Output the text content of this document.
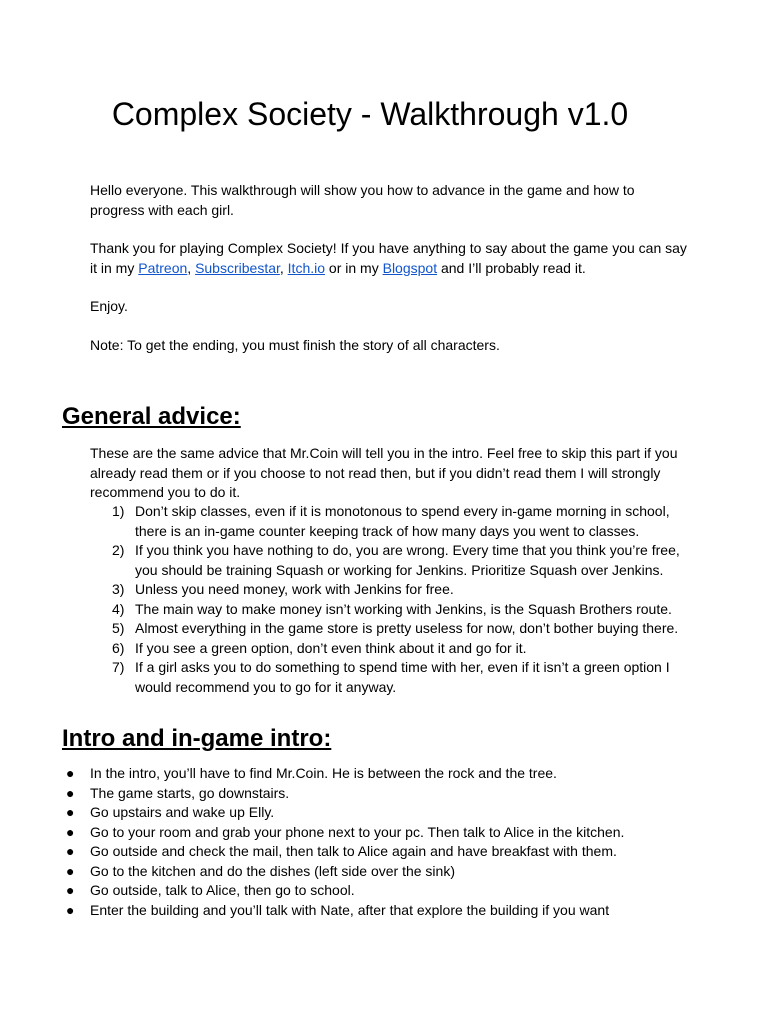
Complex Society - Walkthrough v1.0

Hello everyone. This walkthrough will show you how to advance in the game and how to progress with each girl.

Thank you for playing Complex Society! If you have anything to say about the game you can say it in my Patreon, Subscribestar, Itch.io or in my Blogspot and I’ll probably read it.

Enjoy.

Note: To get the ending, you must finish the story of all characters.

General advice:

These are the same advice that Mr.Coin will tell you in the intro. Feel free to skip this part if you already read them or if you choose to not read then, but if you didn’t read them I will strongly recommend you to do it.

1) Don’t skip classes, even if it is monotonous to spend every in-game morning in school, there is an in-game counter keeping track of how many days you went to classes.
2) If you think you have nothing to do, you are wrong. Every time that you think you’re free, you should be training Squash or working for Jenkins. Prioritize Squash over Jenkins.
3) Unless you need money, work with Jenkins for free.
4) The main way to make money isn’t working with Jenkins, is the Squash Brothers route.
5) Almost everything in the game store is pretty useless for now, don’t bother buying there.
6) If you see a green option, don’t even think about it and go for it.
7) If a girl asks you to do something to spend time with her, even if it isn’t a green option I would recommend you to go for it anyway.
Intro and in-game intro:
● In the intro, you’ll have to find Mr.Coin. He is between the rock and the tree.
● The game starts, go downstairs.
● Go upstairs and wake up Elly.
● Go to your room and grab your phone next to your pc. Then talk to Alice in the kitchen.
● Go outside and check the mail, then talk to Alice again and have breakfast with them.
● Go to the kitchen and do the dishes (left side over the sink)
● Go outside, talk to Alice, then go to school.
● Enter the building and you’ll talk with Nate, after that explore the building if you want
